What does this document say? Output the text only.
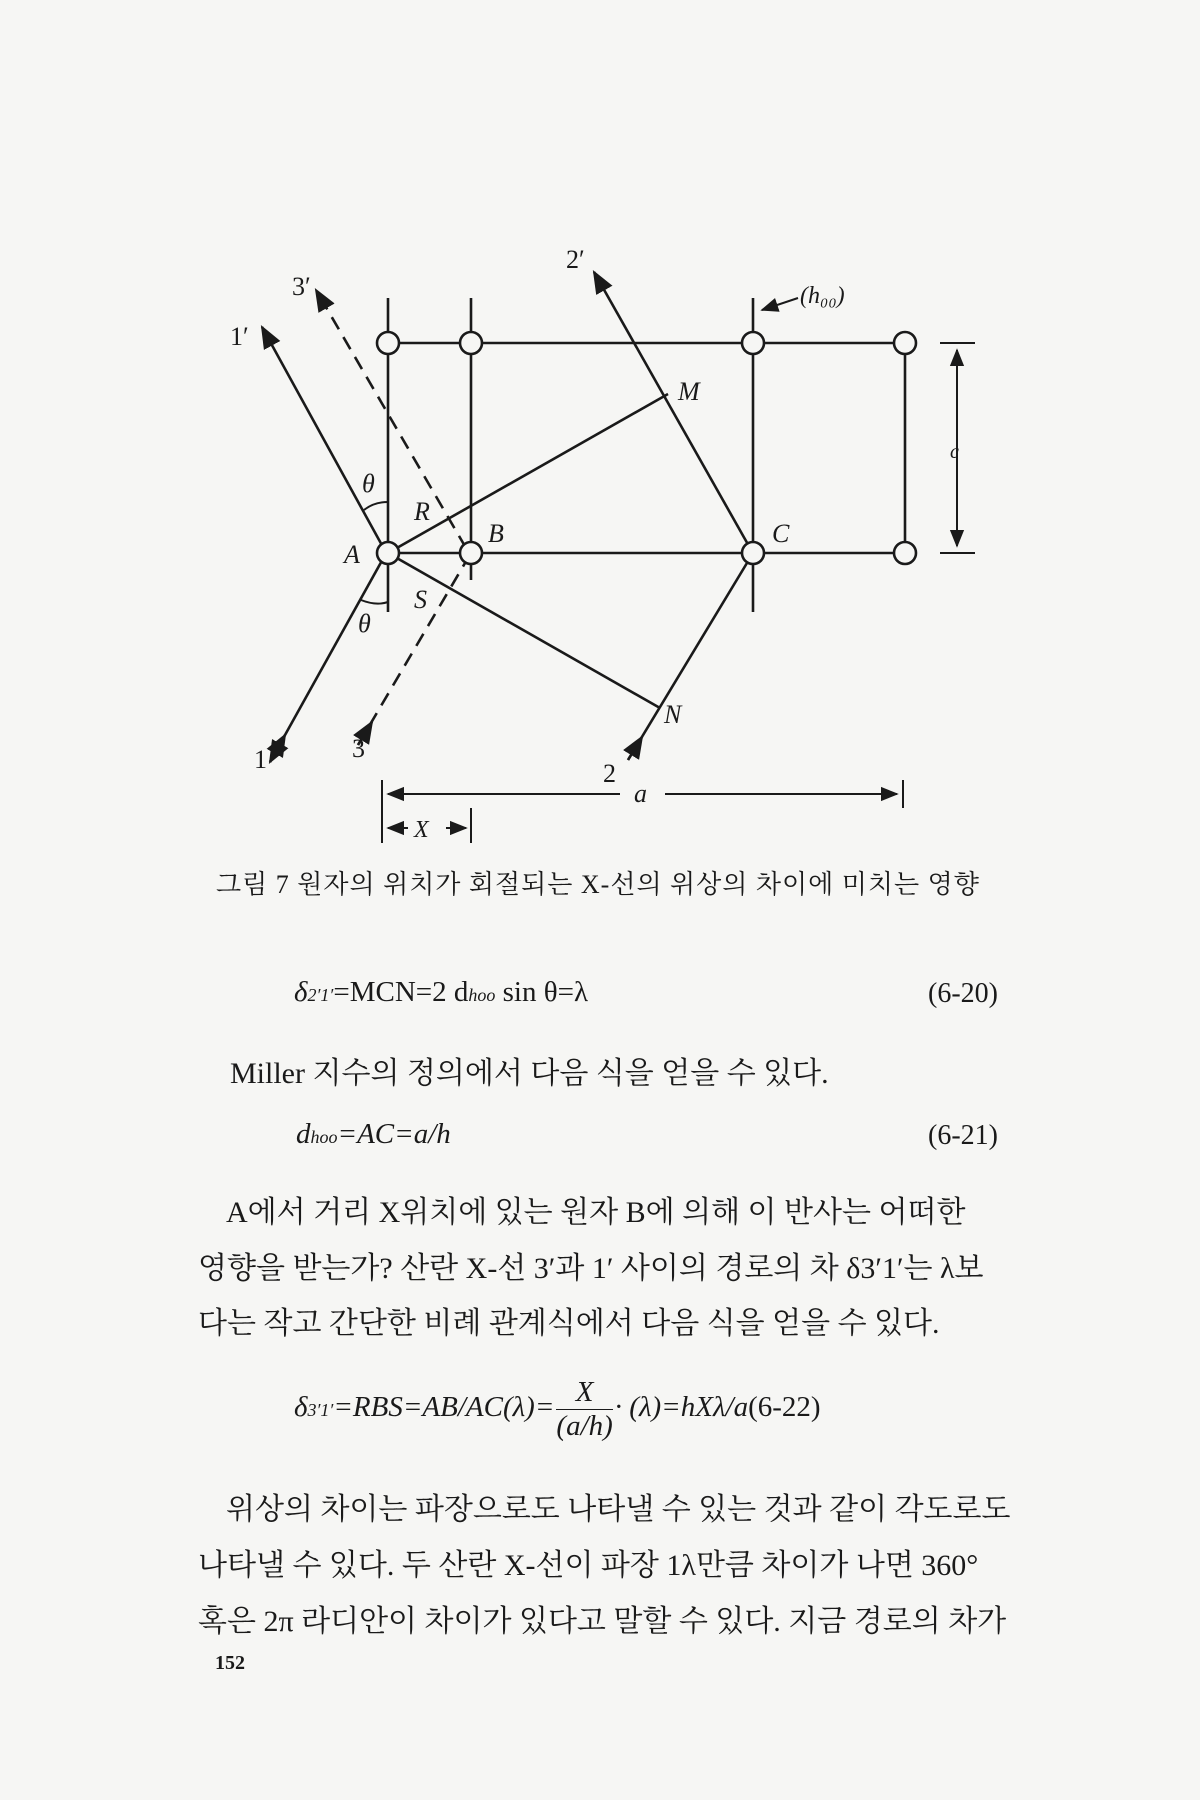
1′
3′
2′
(h₀₀)
M
θ
R
A
B	C
S
θ
c
N
1	3
2
a
X
그림 7 원자의 위치가 회절되는 X-선의 위상의 차이에 미치는 영향
δ2′1′=MCN=2 dhoo sin θ=λ	(6-20)
Miller 지수의 정의에서 다음 식을 얻을 수 있다.
dhoo=AC=a/h	(6-21)
A에서 거리 X위치에 있는 원자 B에 의해 이 반사는 어떠한
영향을 받는가? 산란 X-선 3′과 1′ 사이의 경로의 차 δ3′1′는 λ보
다는 작고 간단한 비례 관계식에서 다음 식을 얻을 수 있다.
$\delta 3'1'=RBS=AB/AC(\lambda)= \frac{X}{(a/h)} \cdot (\lambda)=hX\lambda/a(6-22)$
위상의 차이는 파장으로도 나타낼 수 있는 것과 같이 각도로도
나타낼 수 있다. 두 산란 X-선이 파장 1λ만큼 차이가 나면 360°
혹은 2π 라디안이 차이가 있다고 말할 수 있다. 지금 경로의 차가
152
